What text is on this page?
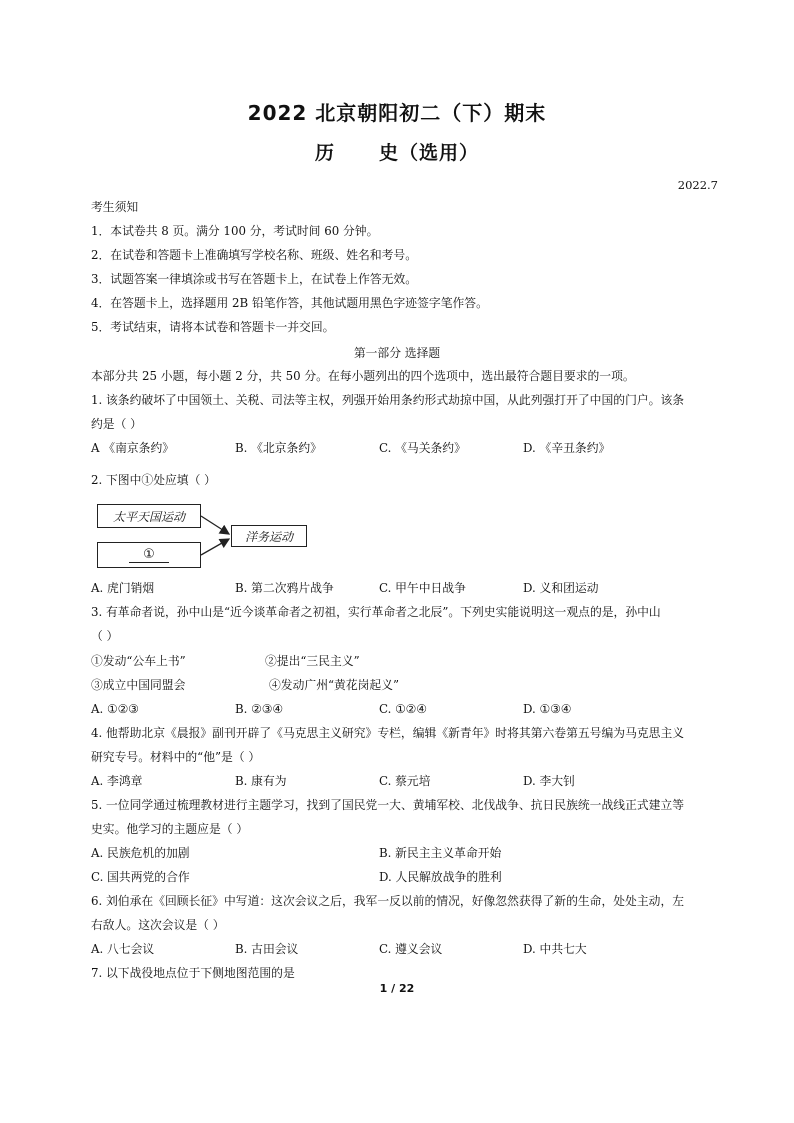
2022 北京朝阳初二（下）期末
历 史（选用）
2022.7
考生须知
1．本试卷共 8 页。满分 100 分，考试时间 60 分钟。
2．在试卷和答题卡上准确填写学校名称、班级、姓名和考号。
3．试题答案一律填涂或书写在答题卡上，在试卷上作答无效。
4．在答题卡上，选择题用 2B 铅笔作答，其他试题用黑色字迹签字笔作答。
5．考试结束，请将本试卷和答题卡一并交回。
第一部分 选择题
本部分共 25 小题，每小题 2 分，共 50 分。在每小题列出的四个选项中，选出最符合题目要求的一项。
1. 该条约破坏了中国领土、关税、司法等主权，列强开始用条约形式劫掠中国，从此列强打开了中国的门户。该条
约是（ ）
A 《南京条约》	B. 《北京条约》	C. 《马关条约》	D. 《辛丑条约》
2. 下图中①处应填（ ）
太平天国运动
①
洋务运动
A. 虎门销烟	B. 第二次鸦片战争	C. 甲午中日战争	D. 义和团运动
3. 有革命者说，孙中山是“近今谈革命者之初祖，实行革命者之北辰”。下列史实能说明这一观点的是，孙中山
（ ）
①发动“公车上书”	②提出“三民主义”
③成立中国同盟会	④发动广州“黄花岗起义”
A. ①②③	B. ②③④	C. ①②④	D. ①③④
4. 他帮助北京《晨报》副刊开辟了《马克思主义研究》专栏，编辑《新青年》时将其第六卷第五号编为马克思主义
研究专号。材料中的“他”是（ ）
A. 李鸿章	B. 康有为	C. 蔡元培	D. 李大钊
5. 一位同学通过梳理教材进行主题学习，找到了国民党一大、黄埔军校、北伐战争、抗日民族统一战线正式建立等
史实。他学习的主题应是（ ）
A. 民族危机的加剧	B. 新民主主义革命开始
C. 国共两党的合作	D. 人民解放战争的胜利
6. 刘伯承在《回顾长征》中写道：这次会议之后，我军一反以前的情况，好像忽然获得了新的生命，处处主动，左
右敌人。这次会议是（ ）
A. 八七会议	B. 古田会议	C. 遵义会议	D. 中共七大
7. 以下战役地点位于下侧地图范围的是
1 / 22
